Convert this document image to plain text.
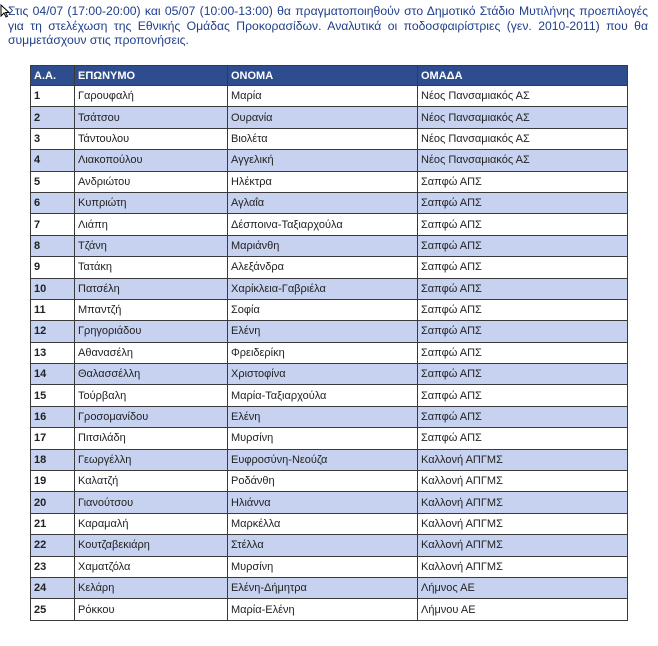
Στις 04/07 (17:00-20:00) και 05/07 (10:00-13:00) θα πραγματοποιηθούν στο Δημοτικό Στάδιο Μυτιλήνης προεπιλογές για τη στελέχωση της Εθνικής Ομάδας Προκορασίδων. Αναλυτικά οι ποδοσφαιρίστριες (γεν. 2010-2011) που θα συμμετάσχουν στις προπονήσεις.
Α.Α.	ΕΠΩΝΥΜΟ	ΟΝΟΜΑ	ΟΜΑΔΑ
1	Γαρουφαλή	Μαρία	Νέος Πανσαμιακός ΑΣ
2	Τσάτσου	Ουρανία	Νέος Πανσαμιακός ΑΣ
3	Τάντουλου	Βιολέτα	Νέος Πανσαμιακός ΑΣ
4	Λιακοπούλου	Αγγελική	Νέος Πανσαμιακός ΑΣ
5	Ανδριώτου	Ηλέκτρα	Σαπφώ ΑΠΣ
6	Κυπριώτη	Αγλαΐα	Σαπφώ ΑΠΣ
7	Λιάπη	Δέσποινα-Ταξιαρχούλα	Σαπφώ ΑΠΣ
8	Τζάνη	Μαριάνθη	Σαπφώ ΑΠΣ
9	Τατάκη	Αλεξάνδρα	Σαπφώ ΑΠΣ
10	Πατσέλη	Χαρίκλεια-Γαβριέλα	Σαπφώ ΑΠΣ
11	Μπαντζή	Σοφία	Σαπφώ ΑΠΣ
12	Γρηγοριάδου	Ελένη	Σαπφώ ΑΠΣ
13	Αθανασέλη	Φρειδερίκη	Σαπφώ ΑΠΣ
14	Θαλασσέλλη	Χριστοφίνα	Σαπφώ ΑΠΣ
15	Τούρβαλη	Μαρία-Ταξιαρχούλα	Σαπφώ ΑΠΣ
16	Γροσομανίδου	Ελένη	Σαπφώ ΑΠΣ
17	Πιτσιλάδη	Μυρσίνη	Σαπφώ ΑΠΣ
18	Γεωργέλλη	Ευφροσύνη-Νεούζα	Καλλονή ΑΠΓΜΣ
19	Καλατζή	Ροδάνθη	Καλλονή ΑΠΓΜΣ
20	Γιανούτσου	Ηλιάννα	Καλλονή ΑΠΓΜΣ
21	Καραμαλή	Μαρκέλλα	Καλλονή ΑΠΓΜΣ
22	Κουτζαβεκιάρη	Στέλλα	Καλλονή ΑΠΓΜΣ
23	Χαματζόλα	Μυρσίνη	Καλλονή ΑΠΓΜΣ
24	Κελάρη	Ελένη-Δήμητρα	Λήμνος ΑΕ
25	Ρόκκου	Μαρία-Ελένη	Λήμνου ΑΕ
